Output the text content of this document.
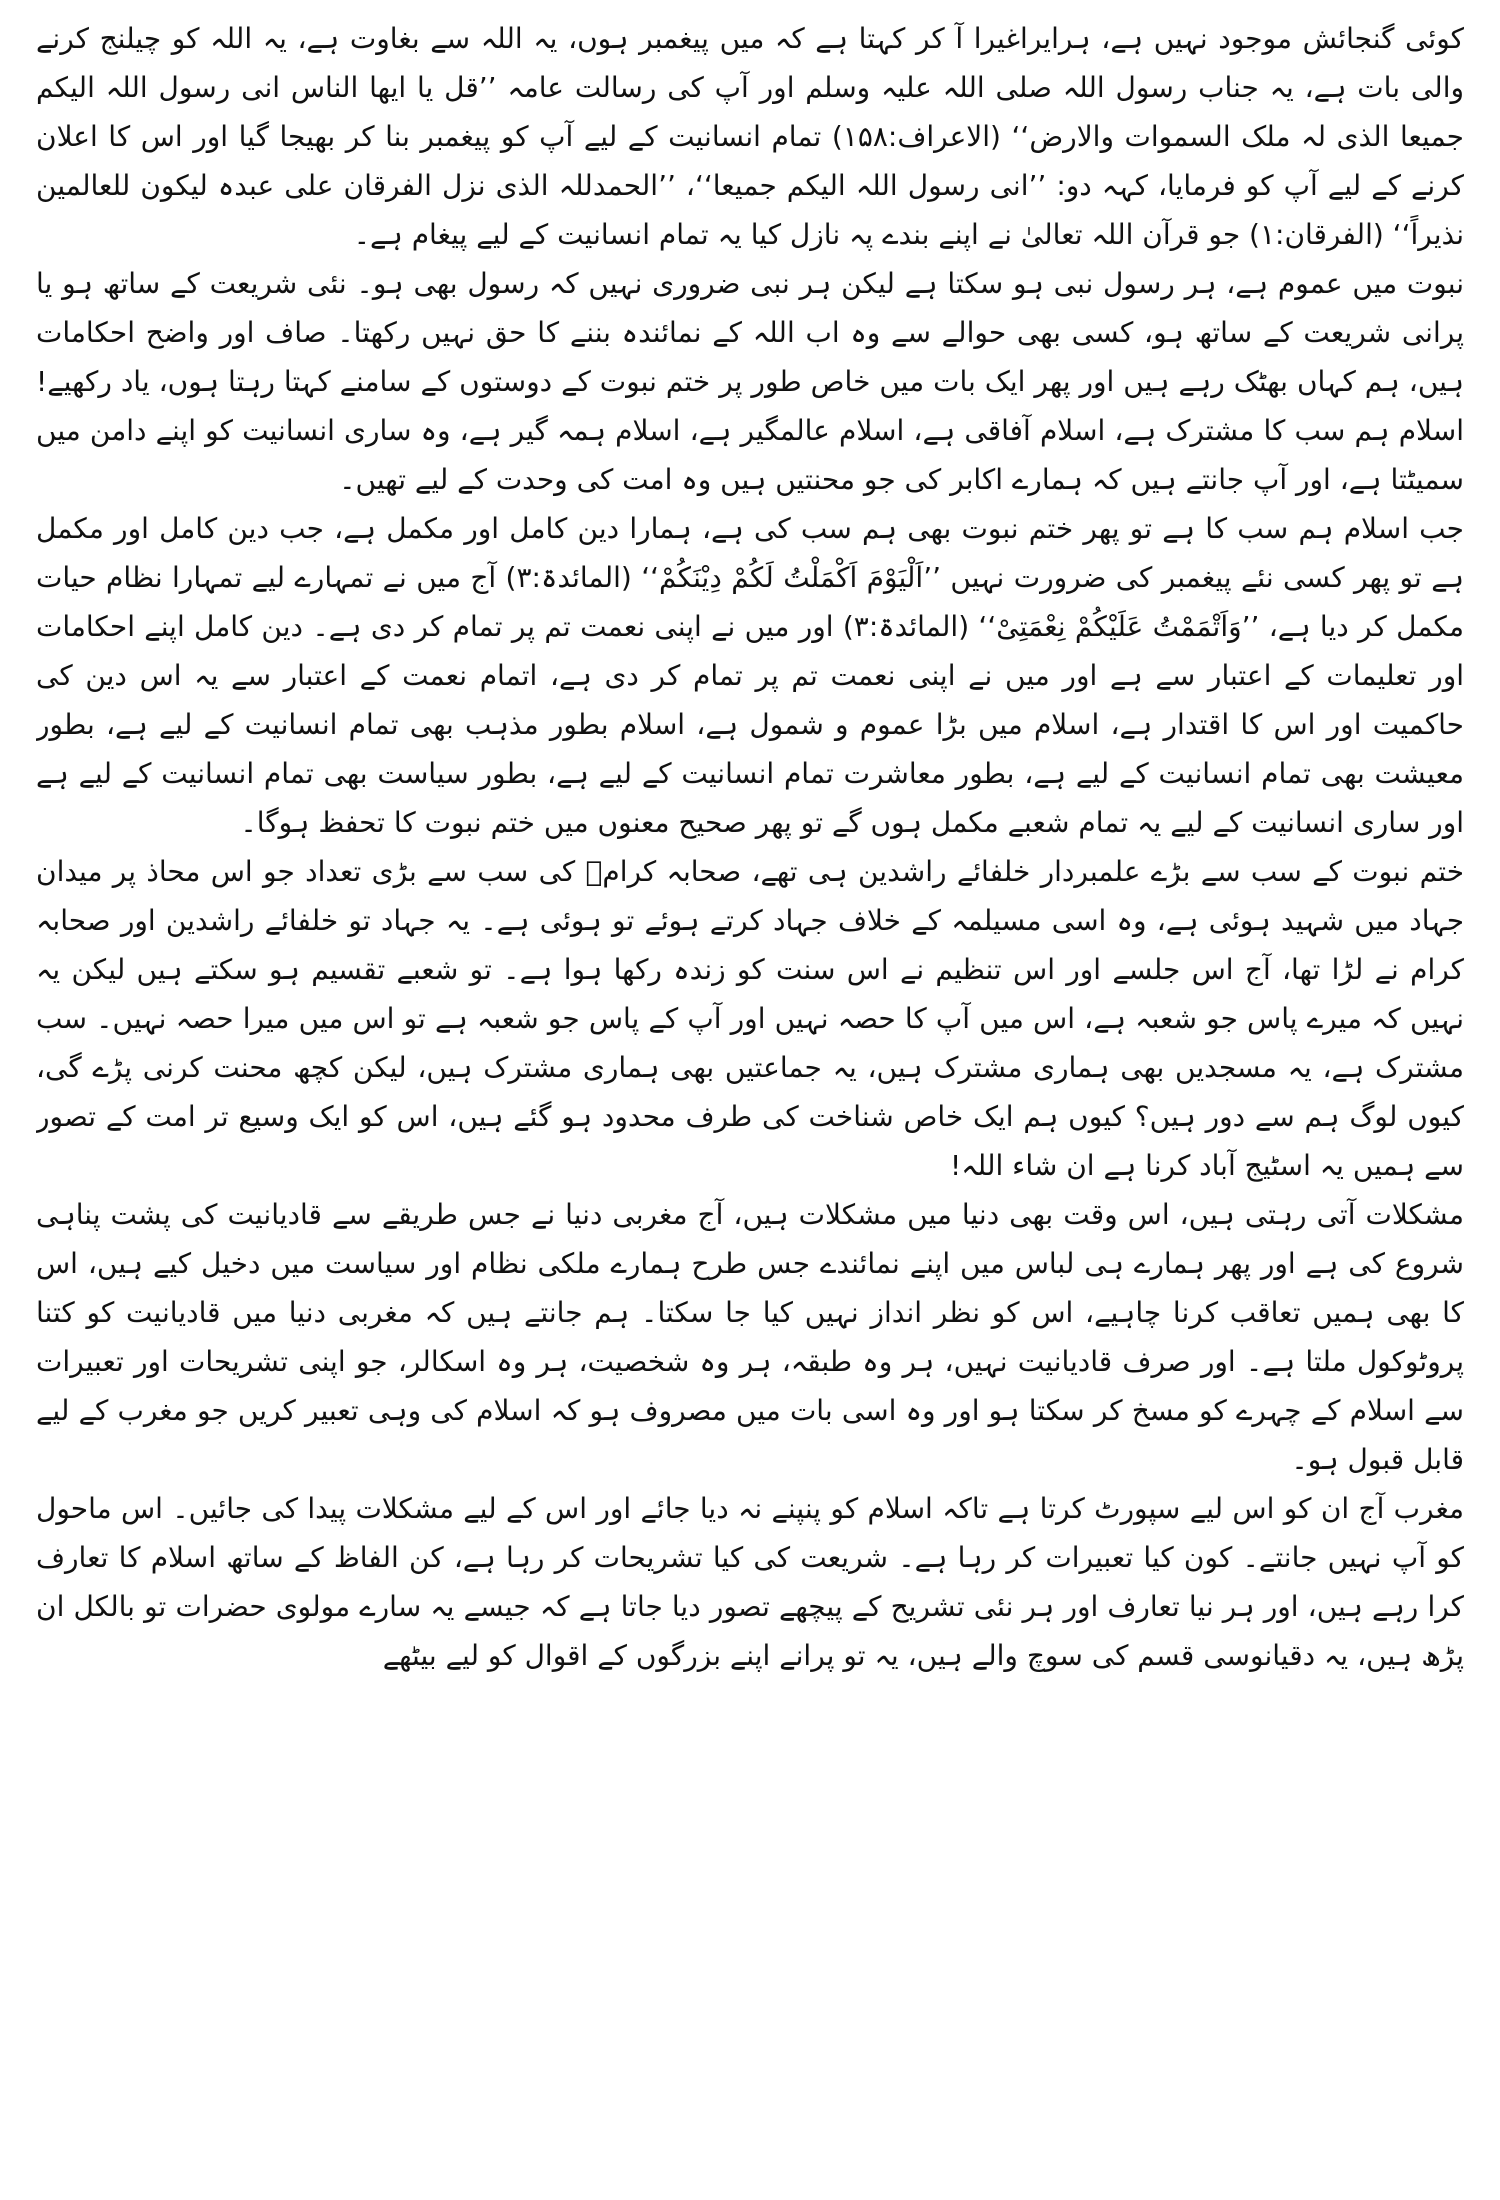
کوئی گنجائش موجود نہیں ہے، ہرایراغیرا آ کر کہتا ہے کہ میں پیغمبر ہوں، یہ اللہ سے بغاوت ہے، یہ اللہ کو چیلنج کرنے والی بات ہے، یہ جناب رسول اللہ صلی اللہ علیہ وسلم اور آپ کی رسالت عامہ ’’قل یا ایھا الناس انی رسول اللہ الیکم جمیعا الذی لہ ملک السموات والارض‘‘ (الاعراف:۱۵۸) تمام انسانیت کے لیے آپ کو پیغمبر بنا کر بھیجا گیا اور اس کا اعلان کرنے کے لیے آپ کو فرمایا، کہہ دو: ’’انی رسول اللہ الیکم جمیعا‘‘، ’’الحمدللہ الذی نزل الفرقان علی عبدہ لیکون للعالمین نذیراً‘‘ (الفرقان:۱) جو قرآن اللہ تعالیٰ نے اپنے بندے پہ نازل کیا یہ تمام انسانیت کے لیے پیغام ہے۔

نبوت میں عموم ہے، ہر رسول نبی ہو سکتا ہے لیکن ہر نبی ضروری نہیں کہ رسول بھی ہو۔ نئی شریعت کے ساتھ ہو یا پرانی شریعت کے ساتھ ہو، کسی بھی حوالے سے وہ اب اللہ کے نمائندہ بننے کا حق نہیں رکھتا۔ صاف اور واضح احکامات ہیں، ہم کہاں بھٹک رہے ہیں اور پھر ایک بات میں خاص طور پر ختم نبوت کے دوستوں کے سامنے کہتا رہتا ہوں، یاد رکھیے! اسلام ہم سب کا مشترک ہے، اسلام آفاقی ہے، اسلام عالمگیر ہے، اسلام ہمہ گیر ہے، وہ ساری انسانیت کو اپنے دامن میں سمیٹتا ہے، اور آپ جانتے ہیں کہ ہمارے اکابر کی جو محنتیں ہیں وہ امت کی وحدت کے لیے تھیں۔

جب اسلام ہم سب کا ہے تو پھر ختم نبوت بھی ہم سب کی ہے، ہمارا دین کامل اور مکمل ہے، جب دین کامل اور مکمل ہے تو پھر کسی نئے پیغمبر کی ضرورت نہیں ’’اَلْیَوْمَ اَکْمَلْتُ لَکُمْ دِیْنَکُمْ‘‘ (المائدۃ:۳) آج میں نے تمہارے لیے تمہارا نظام حیات مکمل کر دیا ہے، ’’وَاَتْمَمْتُ عَلَیْکُمْ نِعْمَتِیْ‘‘ (المائدۃ:۳) اور میں نے اپنی نعمت تم پر تمام کر دی ہے۔ دین کامل اپنے احکامات اور تعلیمات کے اعتبار سے ہے اور میں نے اپنی نعمت تم پر تمام کر دی ہے، اتمام نعمت کے اعتبار سے یہ اس دین کی حاکمیت اور اس کا اقتدار ہے، اسلام میں بڑا عموم و شمول ہے، اسلام بطور مذہب بھی تمام انسانیت کے لیے ہے، بطور معیشت بھی تمام انسانیت کے لیے ہے، بطور معاشرت تمام انسانیت کے لیے ہے، بطور سیاست بھی تمام انسانیت کے لیے ہے اور ساری انسانیت کے لیے یہ تمام شعبے مکمل ہوں گے تو پھر صحیح معنوں میں ختم نبوت کا تحفظ ہوگا۔

ختم نبوت کے سب سے بڑے علمبردار خلفائے راشدین ہی تھے، صحابہ کرامؓ کی سب سے بڑی تعداد جو اس محاذ پر میدان جہاد میں شہید ہوئی ہے، وہ اسی مسیلمہ کے خلاف جہاد کرتے ہوئے تو ہوئی ہے۔ یہ جہاد تو خلفائے راشدین اور صحابہ کرام نے لڑا تھا، آج اس جلسے اور اس تنظیم نے اس سنت کو زندہ رکھا ہوا ہے۔ تو شعبے تقسیم ہو سکتے ہیں لیکن یہ نہیں کہ میرے پاس جو شعبہ ہے، اس میں آپ کا حصہ نہیں اور آپ کے پاس جو شعبہ ہے تو اس میں میرا حصہ نہیں۔ سب مشترک ہے، یہ مسجدیں بھی ہماری مشترک ہیں، یہ جماعتیں بھی ہماری مشترک ہیں، لیکن کچھ محنت کرنی پڑے گی، کیوں لوگ ہم سے دور ہیں؟ کیوں ہم ایک خاص شناخت کی طرف محدود ہو گئے ہیں، اس کو ایک وسیع تر امت کے تصور سے ہمیں یہ اسٹیج آباد کرنا ہے ان شاء اللہ!

مشکلات آتی رہتی ہیں، اس وقت بھی دنیا میں مشکلات ہیں، آج مغربی دنیا نے جس طریقے سے قادیانیت کی پشت پناہی شروع کی ہے اور پھر ہمارے ہی لباس میں اپنے نمائندے جس طرح ہمارے ملکی نظام اور سیاست میں دخیل کیے ہیں، اس کا بھی ہمیں تعاقب کرنا چاہیے، اس کو نظر انداز نہیں کیا جا سکتا۔ ہم جانتے ہیں کہ مغربی دنیا میں قادیانیت کو کتنا پروٹوکول ملتا ہے۔ اور صرف قادیانیت نہیں، ہر وہ طبقہ، ہر وہ شخصیت، ہر وہ اسکالر، جو اپنی تشریحات اور تعبیرات سے اسلام کے چہرے کو مسخ کر سکتا ہو اور وہ اسی بات میں مصروف ہو کہ اسلام کی وہی تعبیر کریں جو مغرب کے لیے قابل قبول ہو۔

مغرب آج ان کو اس لیے سپورٹ کرتا ہے تاکہ اسلام کو پنپنے نہ دیا جائے اور اس کے لیے مشکلات پیدا کی جائیں۔ اس ماحول کو آپ نہیں جانتے۔ کون کیا تعبیرات کر رہا ہے۔ شریعت کی کیا تشریحات کر رہا ہے، کن الفاظ کے ساتھ اسلام کا تعارف کرا رہے ہیں، اور ہر نیا تعارف اور ہر نئی تشریح کے پیچھے تصور دیا جاتا ہے کہ جیسے یہ سارے مولوی حضرات تو بالکل ان پڑھ ہیں، یہ دقیانوسی قسم کی سوچ والے ہیں، یہ تو پرانے اپنے بزرگوں کے اقوال کو لیے بیٹھے
